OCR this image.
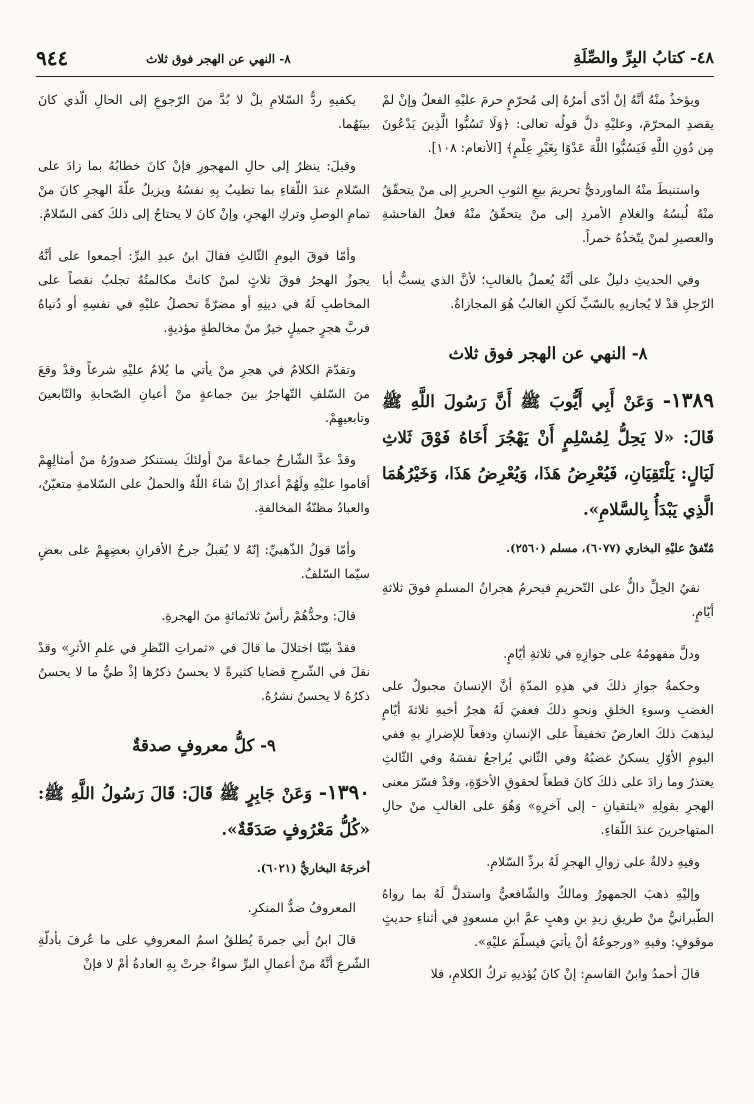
٤٨- كتابُ البِرِّ والصِّلَةِ
٨- النهي عن الهجر فوق ثلاث
٩٤٤

ويؤخذُ منْهُ أنَّهُ إنْ أدّى أمرُهُ إلى مُحرّمٍ حرمَ عليْهِ الفعلُ وإنْ لمْ يقصدِ المحرّمَ، وعليْهِ دلَّ قولُه تعالى: ﴿وَلَا تَسُبُّوا الَّذِينَ يَدْعُونَ مِن دُونِ اللَّهِ فَيَسُبُّوا اللَّهَ عَدْوًا بِغَيْرِ عِلْمٍ﴾ [الأنعام: ١٠٨].

واستنبطَ منْهُ الماورديُّ تحريمَ بيعِ الثوبِ الحريرِ إلى منْ يتحقّقُ منْهُ لُبسُهُ والغلامِ الأمردِ إلى منْ يتحقّقُ منْهُ فعلُ الفاحشةِ والعصيرِ لمنْ يتّخذُهُ خمراً.

وفي الحديثِ دليلٌ على أنَّهُ يُعملُ بالغالبِ؛ لأنَّ الذي يسبُّ أبا الرّجلِ قدْ لا يُجازيهِ بالسّبِّ لَكنِ الغالبُ هُوَ المجازاةُ.

٨- النهي عن الهجر فوق ثلاث
١٣٨٩- وَعَنْ أَبِي أَيُّوبَ ﷺ أَنَّ رَسُولَ اللَّهِ ﷺ قَالَ: «لا يَحِلُّ لِمُسْلِمٍ أَنْ يَهْجُرَ أَخَاهُ فَوْقَ ثَلاثِ لَيَالٍ: يَلْتَقِيَانِ، فَيُعْرِضُ هَذَا، وَيُعْرِضُ هَذَا، وَخَيْرُهُمَا الَّذِي يَبْدَأُ بِالسَّلامِ».
مُتّفقٌ عليْهِ البخاري (٦٠٧٧)، مسلم (٢٥٦٠).

نفيُ الحِلِّ دالٌّ على التّحريمِ فيحرمُ هجرانُ المسلمِ فوقَ ثلاثةِ أيّامٍ.

ودلَّ مفهومُهُ على جوازِهِ في ثلاثةِ أيّامٍ.

وحكمةُ جوازِ ذلكَ في هذِهِ المدّةِ أنَّ الإنسانَ مجبولٌ على الغضبِ وسوءِ الخلقِ ونحوِ ذلكَ فعفيَ لَهُ هجرُ أخيهِ ثلاثةَ أيّامٍ ليذهبَ ذلكَ العارضُ تخفيفاً على الإنسانِ ودفعاً للإضرارِ بهِ ففي اليومِ الأوّلِ يسكنُ غضبُهُ وفي الثّاني يُراجعُ نفسَهُ وفي الثّالثِ يعتذرُ وما زادَ على ذلكَ كانَ قطعاً لحقوقِ الأخوّةِ، وقدْ فسّرَ معنى الهجرِ بقولِهِ «يلتقيانِ - إلى آخرِهِ» وَهُوَ على الغالبِ منْ حالِ المتهاجرينَ عندَ اللّقاءِ.

وفيهِ دلالةٌ على زوالِ الهجرِ لَهُ بردِّ السّلامِ.

وإليْهِ ذهبَ الجمهورُ ومالكٌ والشّافعيُّ واستدلَّ لَهُ بما رواهُ الطّبرانيُّ منْ طريقِ زيدِ بنِ وهبٍ عمَّ ابنِ مسعودٍ في أثناءِ حديثٍ موقوفٍ: وفيهِ «ورجوعُهُ أنْ يأتيَ فيسلّمَ عليْهِ».

قالَ أحمدُ وابنُ القاسمِ: إنْ كانَ يُؤذيهِ تركُ الكلامِ، فلا

يكفيهِ ردُّ السّلامِ بلْ لا بُدَّ منَ الرّجوعِ إلى الحالِ الّذي كانَ بينَهُما.

وقيلَ: ينظرُ إلى حالِ المهجورِ فإنْ كانَ خطابُهُ بما زادَ على السّلامِ عندَ اللّقاءِ بما تطيبُ بِهِ نفسُهُ ويزيلُ علّةَ الهجرِ كانَ منْ تمامِ الوصلِ وتركِ الهجرِ، وإنْ كانَ لا يحتاجُ إلى ذلكَ كفى السّلامُ.

وأمّا فوقَ اليومِ الثّالثِ فقالَ ابنُ عبدِ البرِّ: أجمعوا على أنَّهُ يجوزُ الهجرُ فوقَ ثلاثٍ لمنْ كانتْ مكالمتُهُ تجلبُ نقصاً على المخاطبِ لَهُ في دينِهِ أو مضرّةً تحصلُ عليْهِ في نفسِهِ أو دُنياهُ فربَّ هجرٍ جميلٍ خيرٌ منْ مخالطةٍ مؤذيةٍ.

وتقدّمَ الكلامُ في هجرِ منْ يأتي ما يُلامُ عليْهِ شرعاً وقدْ وقعَ منَ السّلفِ التّهاجرُ بينَ جماعةٍ منْ أعيانِ الصّحابةِ والتّابعينَ وتابعيهِمْ.

وقدْ عدَّ الشّارحُ جماعةً منْ أولئكَ يستنكرُ صدورُهُ منْ أمثالِهِمْ أقاموا عليْهِ ولَهُمْ أعذارٌ إنْ شاءَ اللّهُ والحملُ على السّلامةِ متعيّنٌ، والعبادُ مظنّةُ المخالفةِ.

وأمّا قولُ الذّهبيِّ: إنّهُ لا يُقبلُ جرحُ الأقرانِ بعضِهِمْ على بعضٍ سيّما السّلفُ.

قالَ: وحدُّهُمْ رأسُ ثلاثمائةٍ منَ الهجرةِ.

فقدْ بيّنّا اختلالَ ما قالَ في «ثمراتِ النّظرِ في علمِ الأثرِ» وقدْ نقلَ في الشّرحِ قضايا كثيرةً لا يحسنُ ذكرُها إذْ طيُّ ما لا يحسنُ ذكرُهُ لا يحسنُ نشرُهُ.

٩- كلُّ معروفٍ صدقةٌ
١٣٩٠- وَعَنْ جَابِرٍ ﷺ قَالَ: قَالَ رَسُولُ اللَّهِ ﷺ: «كُلُّ مَعْرُوفٍ صَدَقَةٌ».
أخرجَهُ البخاريُّ (٦٠٢١).

المعروفُ ضدُّ المنكرِ.

قالَ ابنُ أبي جمرةَ يُطلقُ اسمُ المعروفِ على ما عُرفَ بأدلّةِ الشّرعِ أنَّهُ منْ أعمالِ البرِّ سواءٌ جرتْ بِهِ العادةُ أمْ لا فإنْ
